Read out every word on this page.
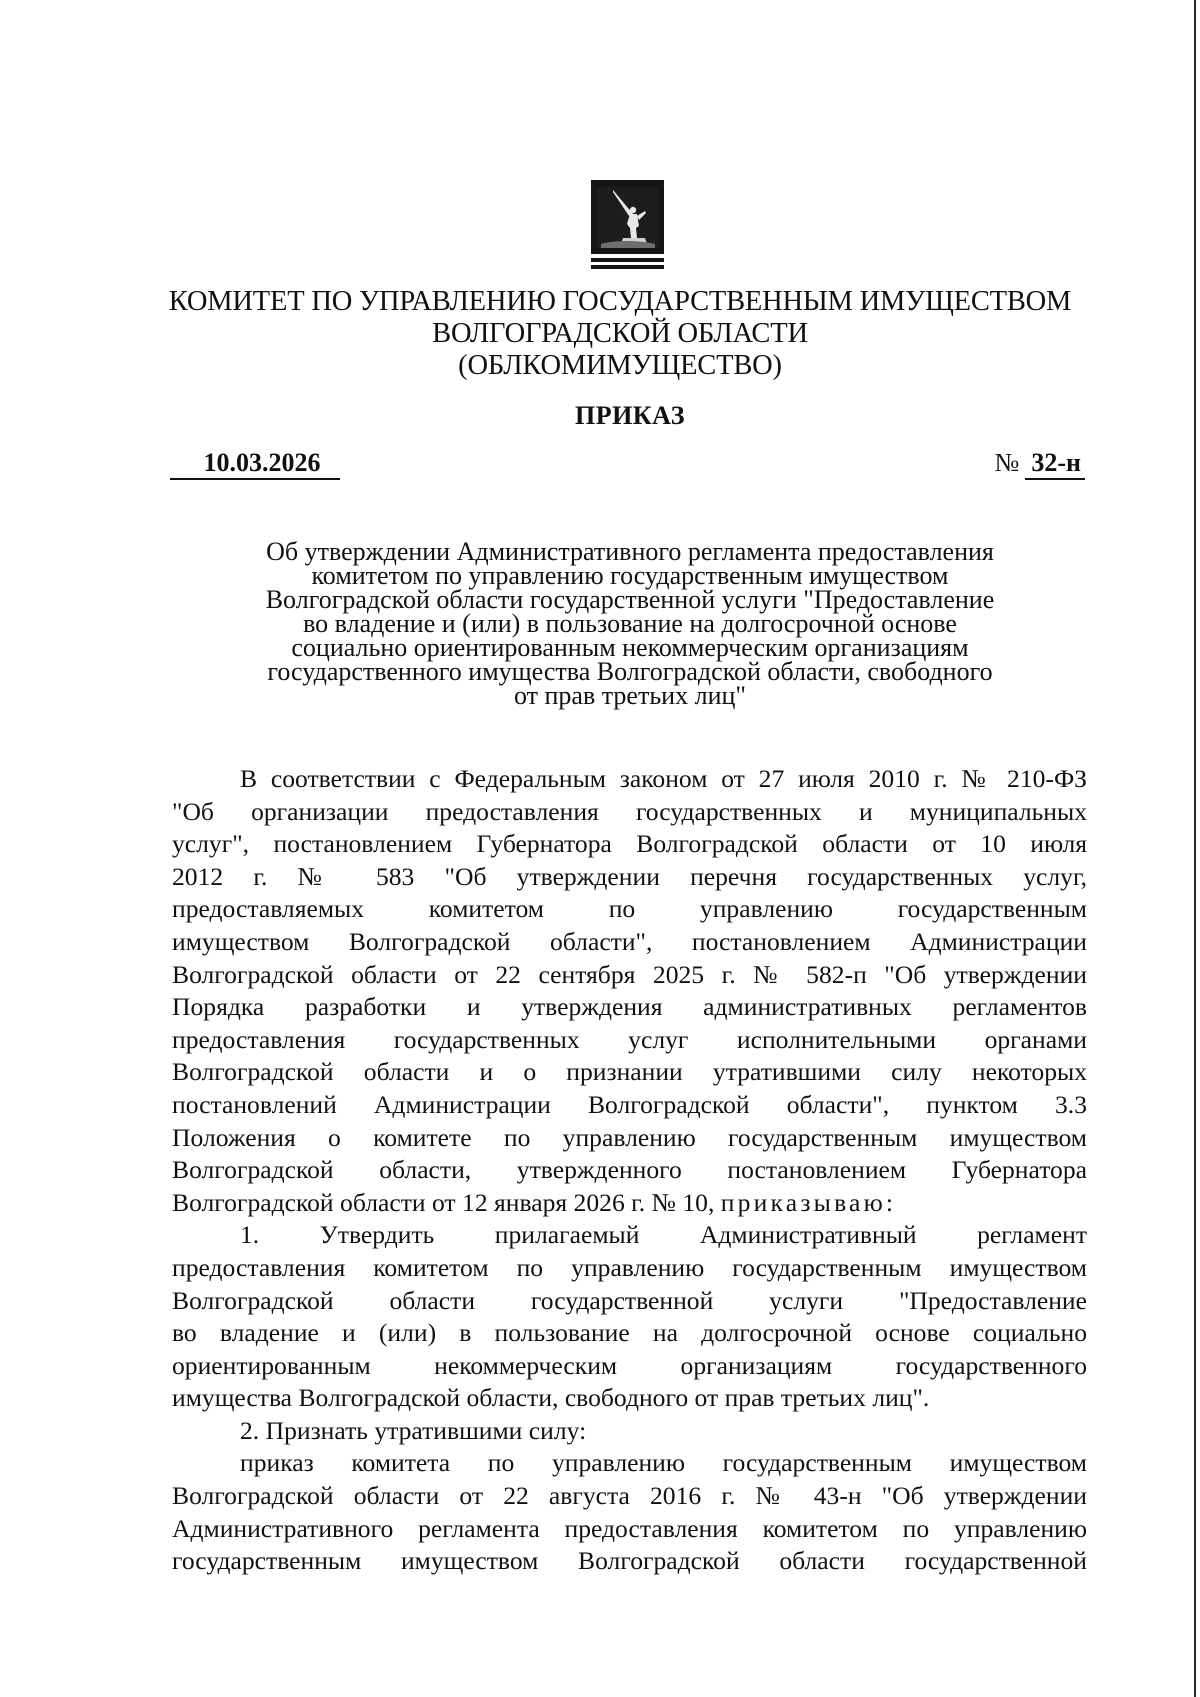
КОМИТЕТ ПО УПРАВЛЕНИЮ ГОСУДАРСТВЕННЫМ ИМУЩЕСТВОМ
ВОЛГОГРАДСКОЙ ОБЛАСТИ
(ОБЛКОМИМУЩЕСТВО)
ПРИКАЗ
10.03.2026	№ 32-н
Об утверждении Административного регламента предоставления
комитетом по управлению государственным имуществом
Волгоградской области государственной услуги "Предоставление
во владение и (или) в пользование на долгосрочной основе
социально ориентированным некоммерческим организациям
государственного имущества Волгоградской области, свободного
от прав третьих лиц"
В соответствии с Федеральным законом от 27 июля 2010 г. № 210-ФЗ
"Об организации предоставления государственных и муниципальных
услуг", постановлением Губернатора Волгоградской области от 10 июля
2012 г. № 583 "Об утверждении перечня государственных услуг,
предоставляемых комитетом по управлению государственным
имуществом Волгоградской области", постановлением Администрации
Волгоградской области от 22 сентября 2025 г. № 582-п "Об утверждении
Порядка разработки и утверждения административных регламентов
предоставления государственных услуг исполнительными органами
Волгоградской области и о признании утратившими силу некоторых
постановлений Администрации Волгоградской области", пунктом 3.3
Положения о комитете по управлению государственным имуществом
Волгоградской области, утвержденного постановлением Губернатора
Волгоградской области от 12 января 2026 г. № 10, приказываю:
1. Утвердить прилагаемый Административный регламент
предоставления комитетом по управлению государственным имуществом
Волгоградской области государственной услуги "Предоставление
во владение и (или) в пользование на долгосрочной основе социально
ориентированным некоммерческим организациям государственного
имущества Волгоградской области, свободного от прав третьих лиц".
2. Признать утратившими силу:
приказ комитета по управлению государственным имуществом
Волгоградской области от 22 августа 2016 г. № 43-н "Об утверждении
Административного регламента предоставления комитетом по управлению
государственным имуществом Волгоградской области государственной
